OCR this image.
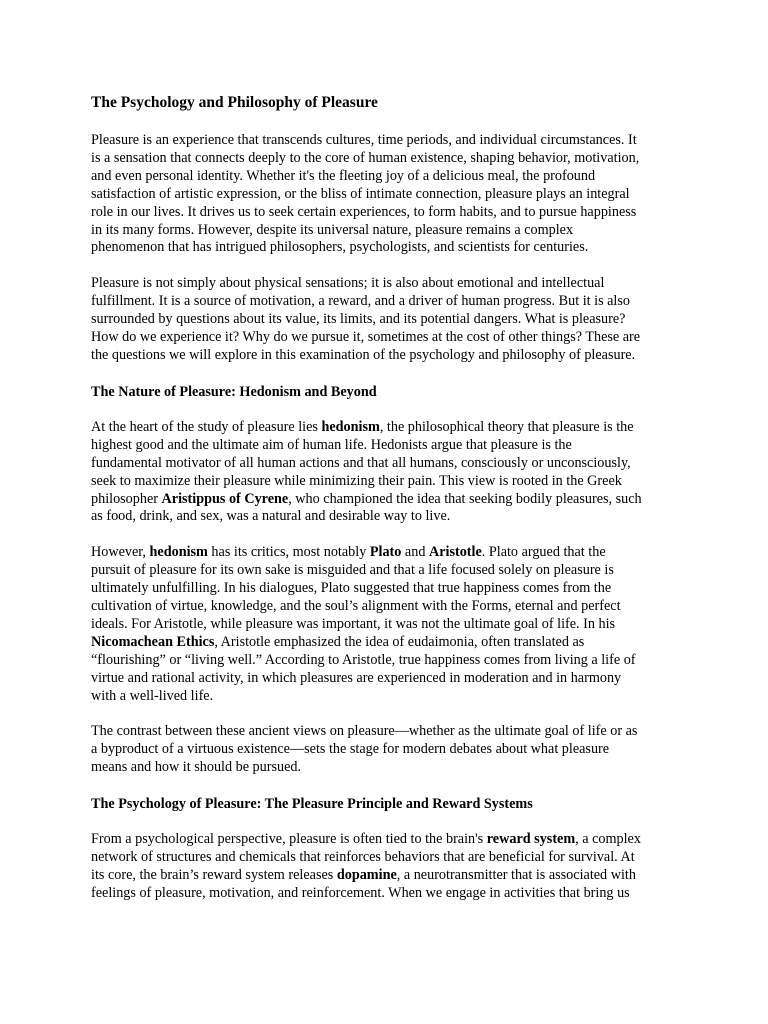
The Psychology and Philosophy of Pleasure
Pleasure is an experience that transcends cultures, time periods, and individual circumstances. It
is a sensation that connects deeply to the core of human existence, shaping behavior, motivation,
and even personal identity. Whether it's the fleeting joy of a delicious meal, the profound
satisfaction of artistic expression, or the bliss of intimate connection, pleasure plays an integral
role in our lives. It drives us to seek certain experiences, to form habits, and to pursue happiness
in its many forms. However, despite its universal nature, pleasure remains a complex
phenomenon that has intrigued philosophers, psychologists, and scientists for centuries.
Pleasure is not simply about physical sensations; it is also about emotional and intellectual
fulfillment. It is a source of motivation, a reward, and a driver of human progress. But it is also
surrounded by questions about its value, its limits, and its potential dangers. What is pleasure?
How do we experience it? Why do we pursue it, sometimes at the cost of other things? These are
the questions we will explore in this examination of the psychology and philosophy of pleasure.
The Nature of Pleasure: Hedonism and Beyond
At the heart of the study of pleasure lies hedonism, the philosophical theory that pleasure is the
highest good and the ultimate aim of human life. Hedonists argue that pleasure is the
fundamental motivator of all human actions and that all humans, consciously or unconsciously,
seek to maximize their pleasure while minimizing their pain. This view is rooted in the Greek
philosopher Aristippus of Cyrene, who championed the idea that seeking bodily pleasures, such
as food, drink, and sex, was a natural and desirable way to live.
However, hedonism has its critics, most notably Plato and Aristotle. Plato argued that the
pursuit of pleasure for its own sake is misguided and that a life focused solely on pleasure is
ultimately unfulfilling. In his dialogues, Plato suggested that true happiness comes from the
cultivation of virtue, knowledge, and the soul’s alignment with the Forms, eternal and perfect
ideals. For Aristotle, while pleasure was important, it was not the ultimate goal of life. In his
Nicomachean Ethics, Aristotle emphasized the idea of eudaimonia, often translated as
“flourishing” or “living well.” According to Aristotle, true happiness comes from living a life of
virtue and rational activity, in which pleasures are experienced in moderation and in harmony
with a well-lived life.
The contrast between these ancient views on pleasure—whether as the ultimate goal of life or as
a byproduct of a virtuous existence—sets the stage for modern debates about what pleasure
means and how it should be pursued.
The Psychology of Pleasure: The Pleasure Principle and Reward Systems
From a psychological perspective, pleasure is often tied to the brain's reward system, a complex
network of structures and chemicals that reinforces behaviors that are beneficial for survival. At
its core, the brain’s reward system releases dopamine, a neurotransmitter that is associated with
feelings of pleasure, motivation, and reinforcement. When we engage in activities that bring us
